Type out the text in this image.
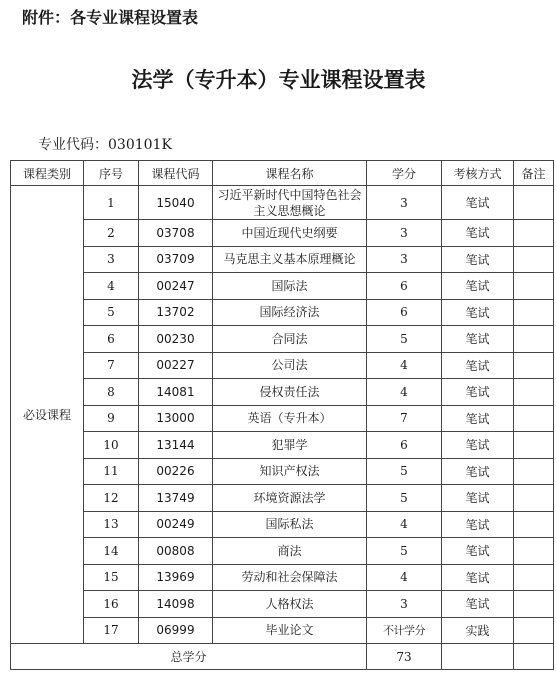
附件：各专业课程设置表
法学（专升本）专业课程设置表
专业代码：030101K
课程类别	序号	课程代码	课程名称	学分	考核方式	备注
必设课程	1	15040	习近平新时代中国特色社会主义思想概论	3	笔试	
	2	03708	中国近现代史纲要	3	笔试	
	3	03709	马克思主义基本原理概论	3	笔试	
	4	00247	国际法	6	笔试	
	5	13702	国际经济法	6	笔试	
	6	00230	合同法	5	笔试	
	7	00227	公司法	4	笔试	
	8	14081	侵权责任法	4	笔试	
	9	13000	英语（专升本）	7	笔试	
	10	13144	犯罪学	6	笔试	
	11	00226	知识产权法	5	笔试	
	12	13749	环境资源法学	5	笔试	
	13	00249	国际私法	4	笔试	
	14	00808	商法	5	笔试	
	15	13969	劳动和社会保障法	4	笔试	
	16	14098	人格权法	3	笔试	
	17	06999	毕业论文	不计学分	实践	
总学分				73		
